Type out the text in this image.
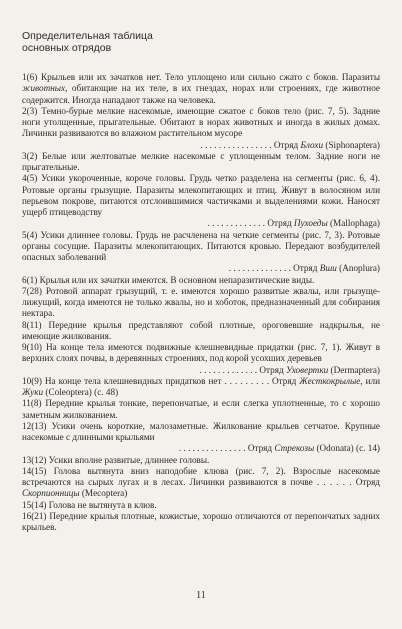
Определительная таблица
основных отрядов

1(6) Крыльев или их зачатков нет. Тело уплощено или сильно сжато с боков. Паразиты животных, обитающие на их теле, в их гнездах, норах или строениях, где животное содержится. Иногда нападают также на человека.

2(3) Темно-бурые мелкие насекомые, имеющие сжатое с боков тело (рис. 7, 5). Задние ноги утолщенные, прыгательные. Обитают в норах животных и иногда в жилых домах. Личинки развиваются во влажном растительном мусоре
. . . . . . . . . . . . . . . . Отряд Блохи (Siphonaptera)

3(2) Белые или желтоватые мелкие насекомые с уплощенным телом. Задние ноги не прыгательные.

4(5) Усики укороченные, короче головы. Грудь четко разделена на сегменты (рис. 6, 4). Ротовые органы грызущие. Паразиты млекопитающих и птиц. Живут в волосяном или перьевом покрове, питаются отслоившимися частичками и выделениями кожи. Наносят ущерб птицеводству
. . . . . . . . . . . . . Отряд Пухоеды (Mallophaga)

5(4) Усики длиннее головы. Грудь не расчленена на четкие сегменты (рис. 7, 3). Ротовые органы сосущие. Паразиты млекопитающих. Питаются кровью. Передают возбудителей опасных заболеваний
. . . . . . . . . . . . . . Отряд Вши (Anoplura)

6(1) Крылья или их зачатки имеются. В основном непаразитические виды.

7(28) Ротовой аппарат грызущий, т. е. имеются хорошо развитые жвалы, или грызуще-лижущий, когда имеются не только жвалы, но и хоботок, предназначенный для собирания нектара.

8(11) Передние крылья представляют собой плотные, ороговевшие надкрылья, не имеющие жилкования.

9(10) На конце тела имеются подвижные клешневидные придатки (рис. 7, 1). Живут в верхних слоях почвы, в деревянных строениях, под корой усохших деревьев
. . . . . . . . . . . . . Отряд Уховертки (Dermaptera)

10(9) На конце тела клешневидных придатков нет . . . . . . . . . Отряд Жесткокрылые, или Жуки (Coleoptera) (с. 48)

11(8) Передние крылья тонкие, перепончатые, и если слегка уплотненные, то с хорошо заметным жилкованием.

12(13) Усики очень короткие, малозаметные. Жилкование крыльев сетчатое. Крупные насекомые с длинными крыльями
. . . . . . . . . . . . . . . Отряд Стрекозы (Odonata) (с. 14)

13(12) Усики вполне развитые, длиннее головы.

14(15) Голова вытянута вниз наподобие клюва (рис. 7, 2). Взрослые насекомые встречаются на сырых лугах и в лесах. Личинки развиваются в почве . . . . . . Отряд Скорпионницы (Mecoptera)

15(14) Голова не вытянута в клюв.

16(21) Передние крылья плотные, кожистые, хорошо отличаются от перепончатых задних крыльев.

11
